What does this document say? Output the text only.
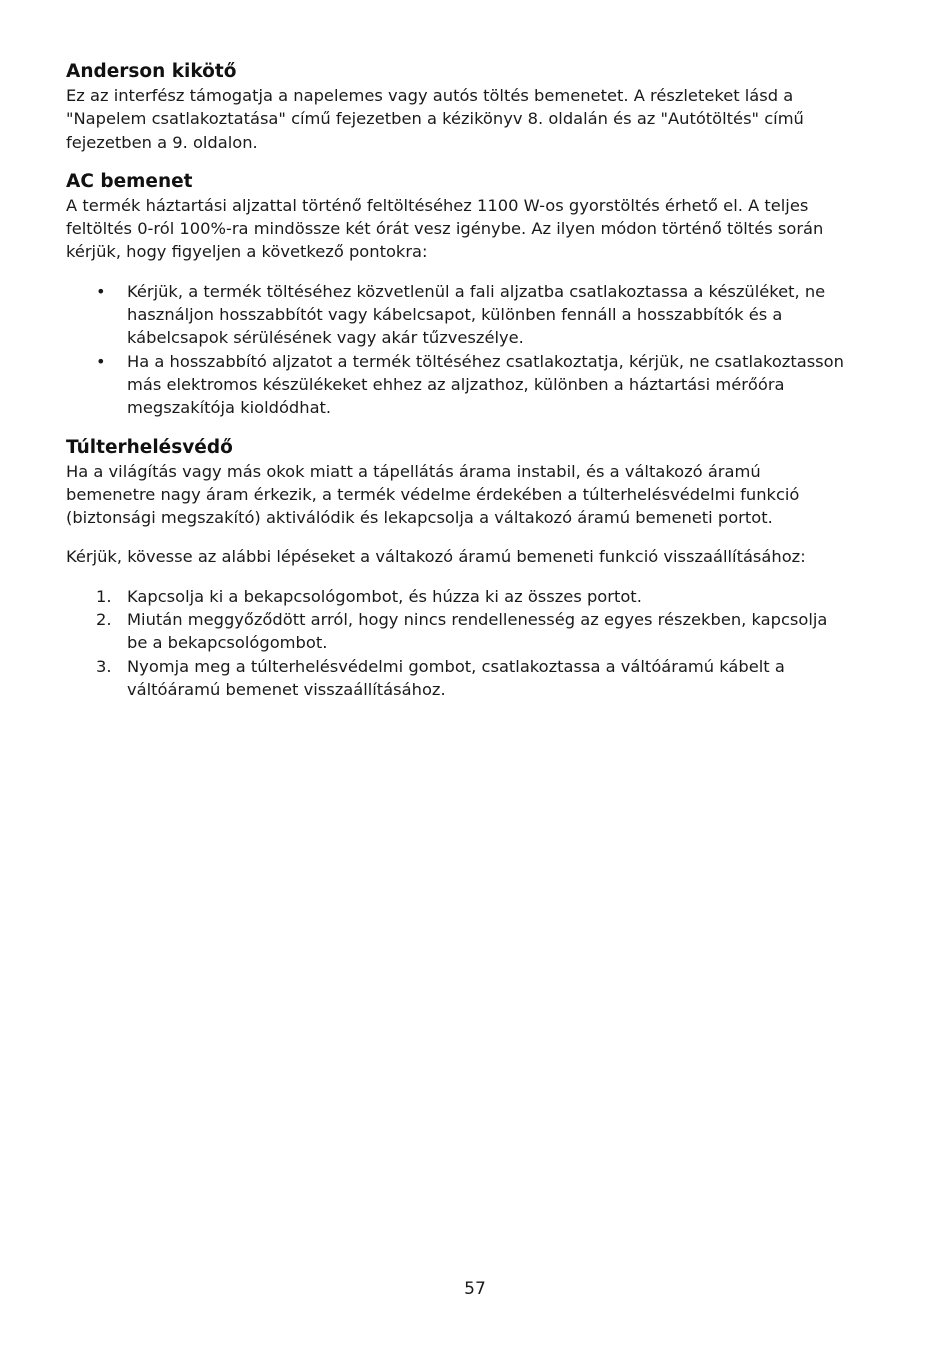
Anderson kikötő

Ez az interfész támogatja a napelemes vagy autós töltés bemenetet. A részleteket lásd a "Napelem csatlakoztatása" című fejezetben a kézikönyv 8. oldalán és az "Autótöltés" című fejezetben a 9. oldalon.

AC bemenet

A termék háztartási aljzattal történő feltöltéséhez 1100 W-os gyorstöltés érhető el. A teljes feltöltés 0-ról 100%-ra mindössze két órát vesz igénybe. Az ilyen módon történő töltés során kérjük, hogy figyeljen a következő pontokra:

•	Kérjük, a termék töltéséhez közvetlenül a fali aljzatba csatlakoztassa a készüléket, ne használjon hosszabbítót vagy kábelcsapot, különben fennáll a hosszabbítók és a kábelcsapok sérülésének vagy akár tűzveszélye.
•	Ha a hosszabbító aljzatot a termék töltéséhez csatlakoztatja, kérjük, ne csatlakoztasson más elektromos készülékeket ehhez az aljzathoz, különben a háztartási mérőóra megszakítója kioldódhat.
Túlterhelésvédő

Ha a világítás vagy más okok miatt a tápellátás árama instabil, és a váltakozó áramú bemenetre nagy áram érkezik, a termék védelme érdekében a túlterhelésvédelmi funkció (biztonsági megszakító) aktiválódik és lekapcsolja a váltakozó áramú bemeneti portot.

Kérjük, kövesse az alábbi lépéseket a váltakozó áramú bemeneti funkció visszaállításához:

1. Kapcsolja ki a bekapcsológombot, és húzza ki az összes portot.
2. Miután meggyőződött arról, hogy nincs rendellenesség az egyes részekben, kapcsolja be a bekapcsológombot.
3. Nyomja meg a túlterhelésvédelmi gombot, csatlakoztassa a váltóáramú kábelt a váltóáramú bemenet visszaállításához.
57
